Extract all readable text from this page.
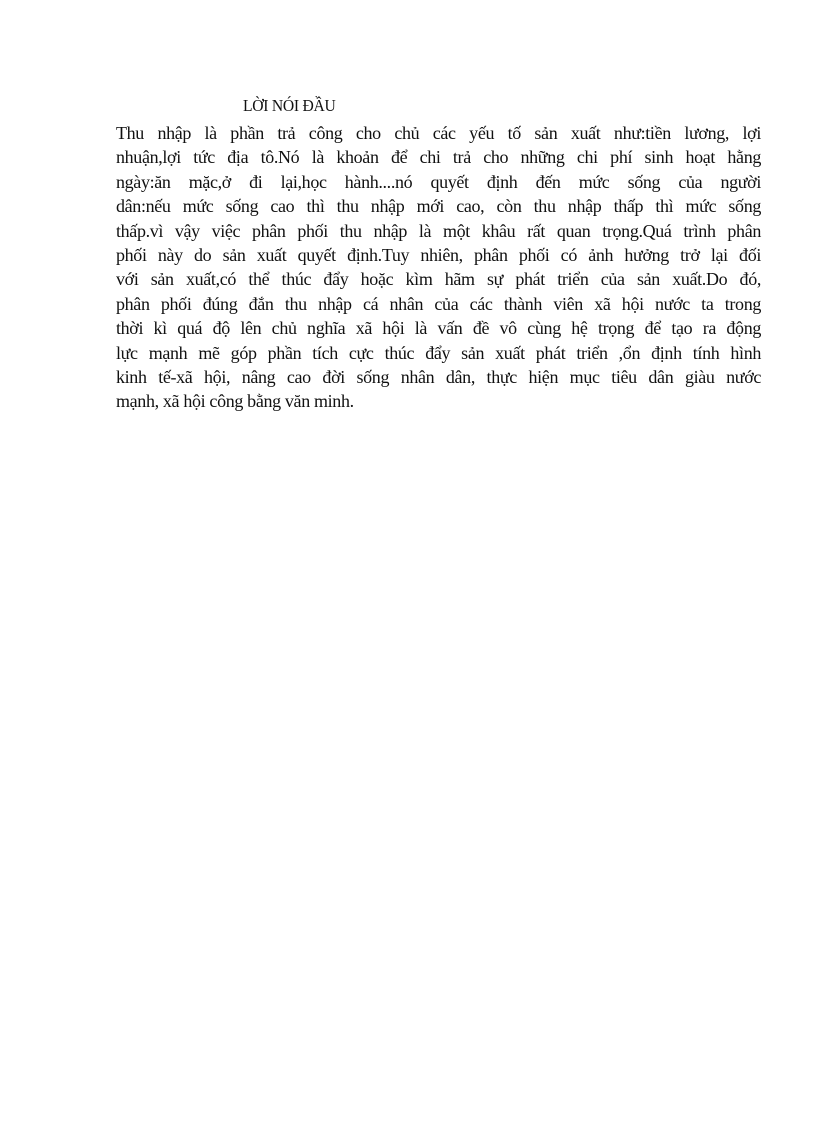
LỜI NÓI ĐẦU
Thu nhập là phần trả công cho chủ các yếu tố sản xuất như:tiền lương, lợi
nhuận,lợi tức địa tô.Nó là khoản để chi trả cho những chi phí sinh hoạt hằng
ngày:ăn mặc,ở đi lại,học hành....nó quyết định đến mức sống của người
dân:nếu mức sống cao thì thu nhập mới cao, còn thu nhập thấp thì mức sống
thấp.vì vậy việc phân phối thu nhập là một khâu rất quan trọng.Quá trình phân
phối này do sản xuất quyết định.Tuy nhiên, phân phối có ảnh hưởng trở lại đối
với sản xuất,có thể thúc đẩy hoặc kìm hãm sự phát triển của sản xuất.Do đó,
phân phối đúng đắn thu nhập cá nhân của các thành viên xã hội nước ta trong
thời kì quá độ lên chủ nghĩa xã hội là vấn đề vô cùng hệ trọng để tạo ra động
lực mạnh mẽ góp phần tích cực thúc đẩy sản xuất phát triển ,ổn định tính hình
kinh tế-xã hội, nâng cao đời sống nhân dân, thực hiện mục tiêu dân giàu nước
mạnh, xã hội công bằng văn minh.
